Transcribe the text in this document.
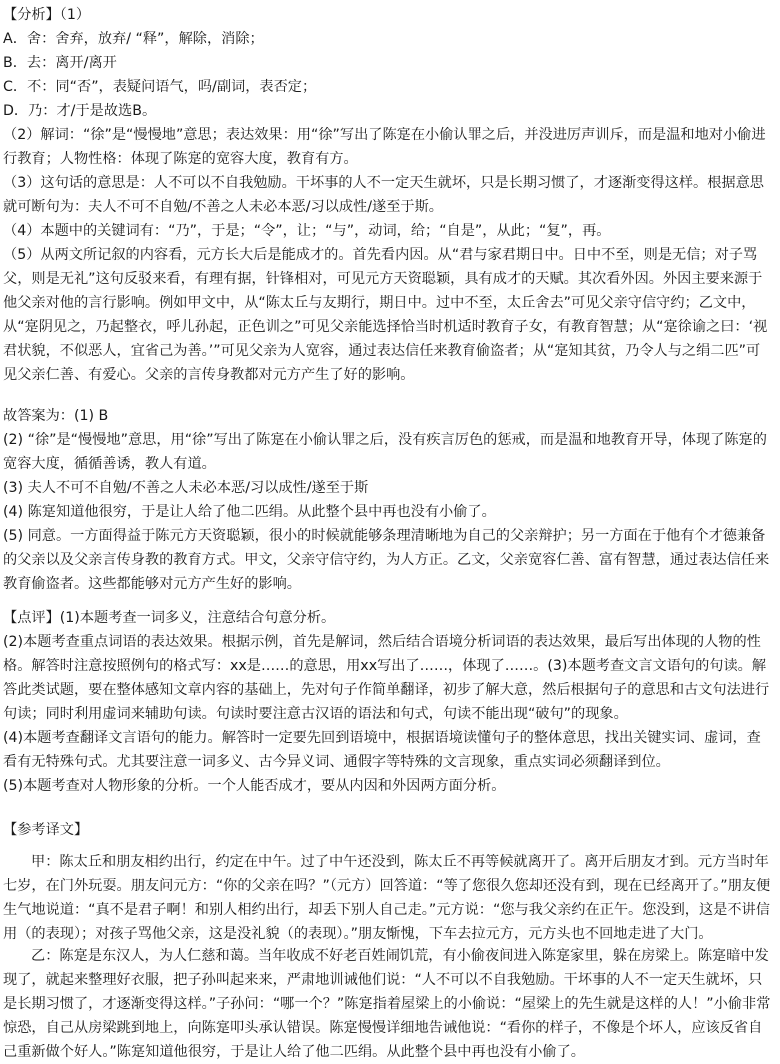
【分析】（1）

A．舍：舍弃，放弃/ “释”，解除，消除；

B．去：离开/离开

C．不：同“否”，表疑问语气，吗/副词，表否定；

D．乃：才/于是故选B。

（2）解词：“徐”是“慢慢地”意思；表达效果：用“徐”写出了陈寔在小偷认罪之后，并没进厉声训斥，而是温和地对小偷进行教育；人物性格：体现了陈寔的宽容大度，教育有方。

（3）这句话的意思是：人不可以不自我勉励。干坏事的人不一定天生就坏，只是长期习惯了，才逐渐变得这样。根据意思就可断句为：夫人不可不自勉/不善之人未必本恶/习以成性/遂至于斯。

（4）本题中的关键词有：“乃”，于是；“令”，让；“与”，动词，给；“自是”，从此；“复”，再。

（5）从两文所记叙的内容看，元方长大后是能成才的。首先看内因。从“君与家君期日中。日中不至，则是无信；对子骂父，则是无礼”这句反驳来看，有理有据，针锋相对，可见元方天资聪颖，具有成才的天赋。其次看外因。外因主要来源于他父亲对他的言行影响。例如甲文中，从“陈太丘与友期行，期日中。过中不至，太丘舍去”可见父亲守信守约；乙文中，从“寔阴见之，乃起整衣，呼儿孙起，正色训之”可见父亲能选择恰当时机适时教育子女，有教育智慧；从“寔徐谕之曰：‘视君状貌，不似恶人，宜省己为善。’”可见父亲为人宽容，通过表达信任来教育偷盗者；从“寔知其贫，乃令人与之绢二匹”可见父亲仁善、有爱心。父亲的言传身教都对元方产生了好的影响。

故答案为：(1) B

(2) “徐”是“慢慢地”意思，用“徐”写出了陈寔在小偷认罪之后，没有疾言厉色的惩戒，而是温和地教育开导，体现了陈寔的宽容大度，循循善诱，教人有道。

(3) 夫人不可不自勉/不善之人未必本恶/习以成性/遂至于斯

(4) 陈寔知道他很穷，于是让人给了他二匹绢。从此整个县中再也没有小偷了。

(5) 同意。一方面得益于陈元方天资聪颖，很小的时候就能够条理清晰地为自己的父亲辩护；另一方面在于他有个才德兼备的父亲以及父亲言传身教的教育方式。甲文，父亲守信守约，为人方正。乙文，父亲宽容仁善、富有智慧，通过表达信任来教育偷盗者。这些都能够对元方产生好的影响。

【点评】(1)本题考查一词多义，注意结合句意分析。

(2)本题考查重点词语的表达效果。根据示例，首先是解词，然后结合语境分析词语的表达效果，最后写出体现的人物的性格。解答时注意按照例句的格式写：xx是……的意思，用xx写出了……，体现了……。(3)本题考查文言文语句的句读。解答此类试题，要在整体感知文章内容的基础上，先对句子作简单翻译，初步了解大意，然后根据句子的意思和古文句法进行句读；同时利用虚词来辅助句读。句读时要注意古汉语的语法和句式，句读不能出现“破句”的现象。

(4)本题考查翻译文言语句的能力。解答时一定要先回到语境中，根据语境读懂句子的整体意思，找出关键实词、虚词，查看有无特殊句式。尤其要注意一词多义、古今异义词、通假字等特殊的文言现象，重点实词必须翻译到位。

(5)本题考查对人物形象的分析。一个人能否成才，要从内因和外因两方面分析。

【参考译文】

甲：陈太丘和朋友相约出行，约定在中午。过了中午还没到，陈太丘不再等候就离开了。离开后朋友才到。元方当时年七岁，在门外玩耍。朋友问元方：“你的父亲在吗？”（元方）回答道：“等了您很久您却还没有到，现在已经离开了。”朋友便生气地说道：“真不是君子啊！和别人相约出行，却丢下别人自己走。”元方说：“您与我父亲约在正午。您没到，这是不讲信用（的表现）；对孩子骂他父亲，这是没礼貌（的表现）。”朋友惭愧，下车去拉元方，元方头也不回地走进了大门。

乙：陈寔是东汉人，为人仁慈和蔼。当年收成不好老百姓闹饥荒，有小偷夜间进入陈寔家里，躲在房梁上。陈寔暗中发现了，就起来整理好衣服，把子孙叫起来来，严肃地训诫他们说：“人不可以不自我勉励。干坏事的人不一定天生就坏，只是长期习惯了，才逐渐变得这样。”子孙问：“哪一个？”陈寔指着屋梁上的小偷说：“屋梁上的先生就是这样的人！”小偷非常惊恐，自己从房梁跳到地上，向陈寔叩头承认错误。陈寔慢慢详细地告诫他说：“看你的样子，不像是个坏人，应该反省自己重新做个好人。”陈寔知道他很穷，于是让人给了他二匹绢。从此整个县中再也没有小偷了。
